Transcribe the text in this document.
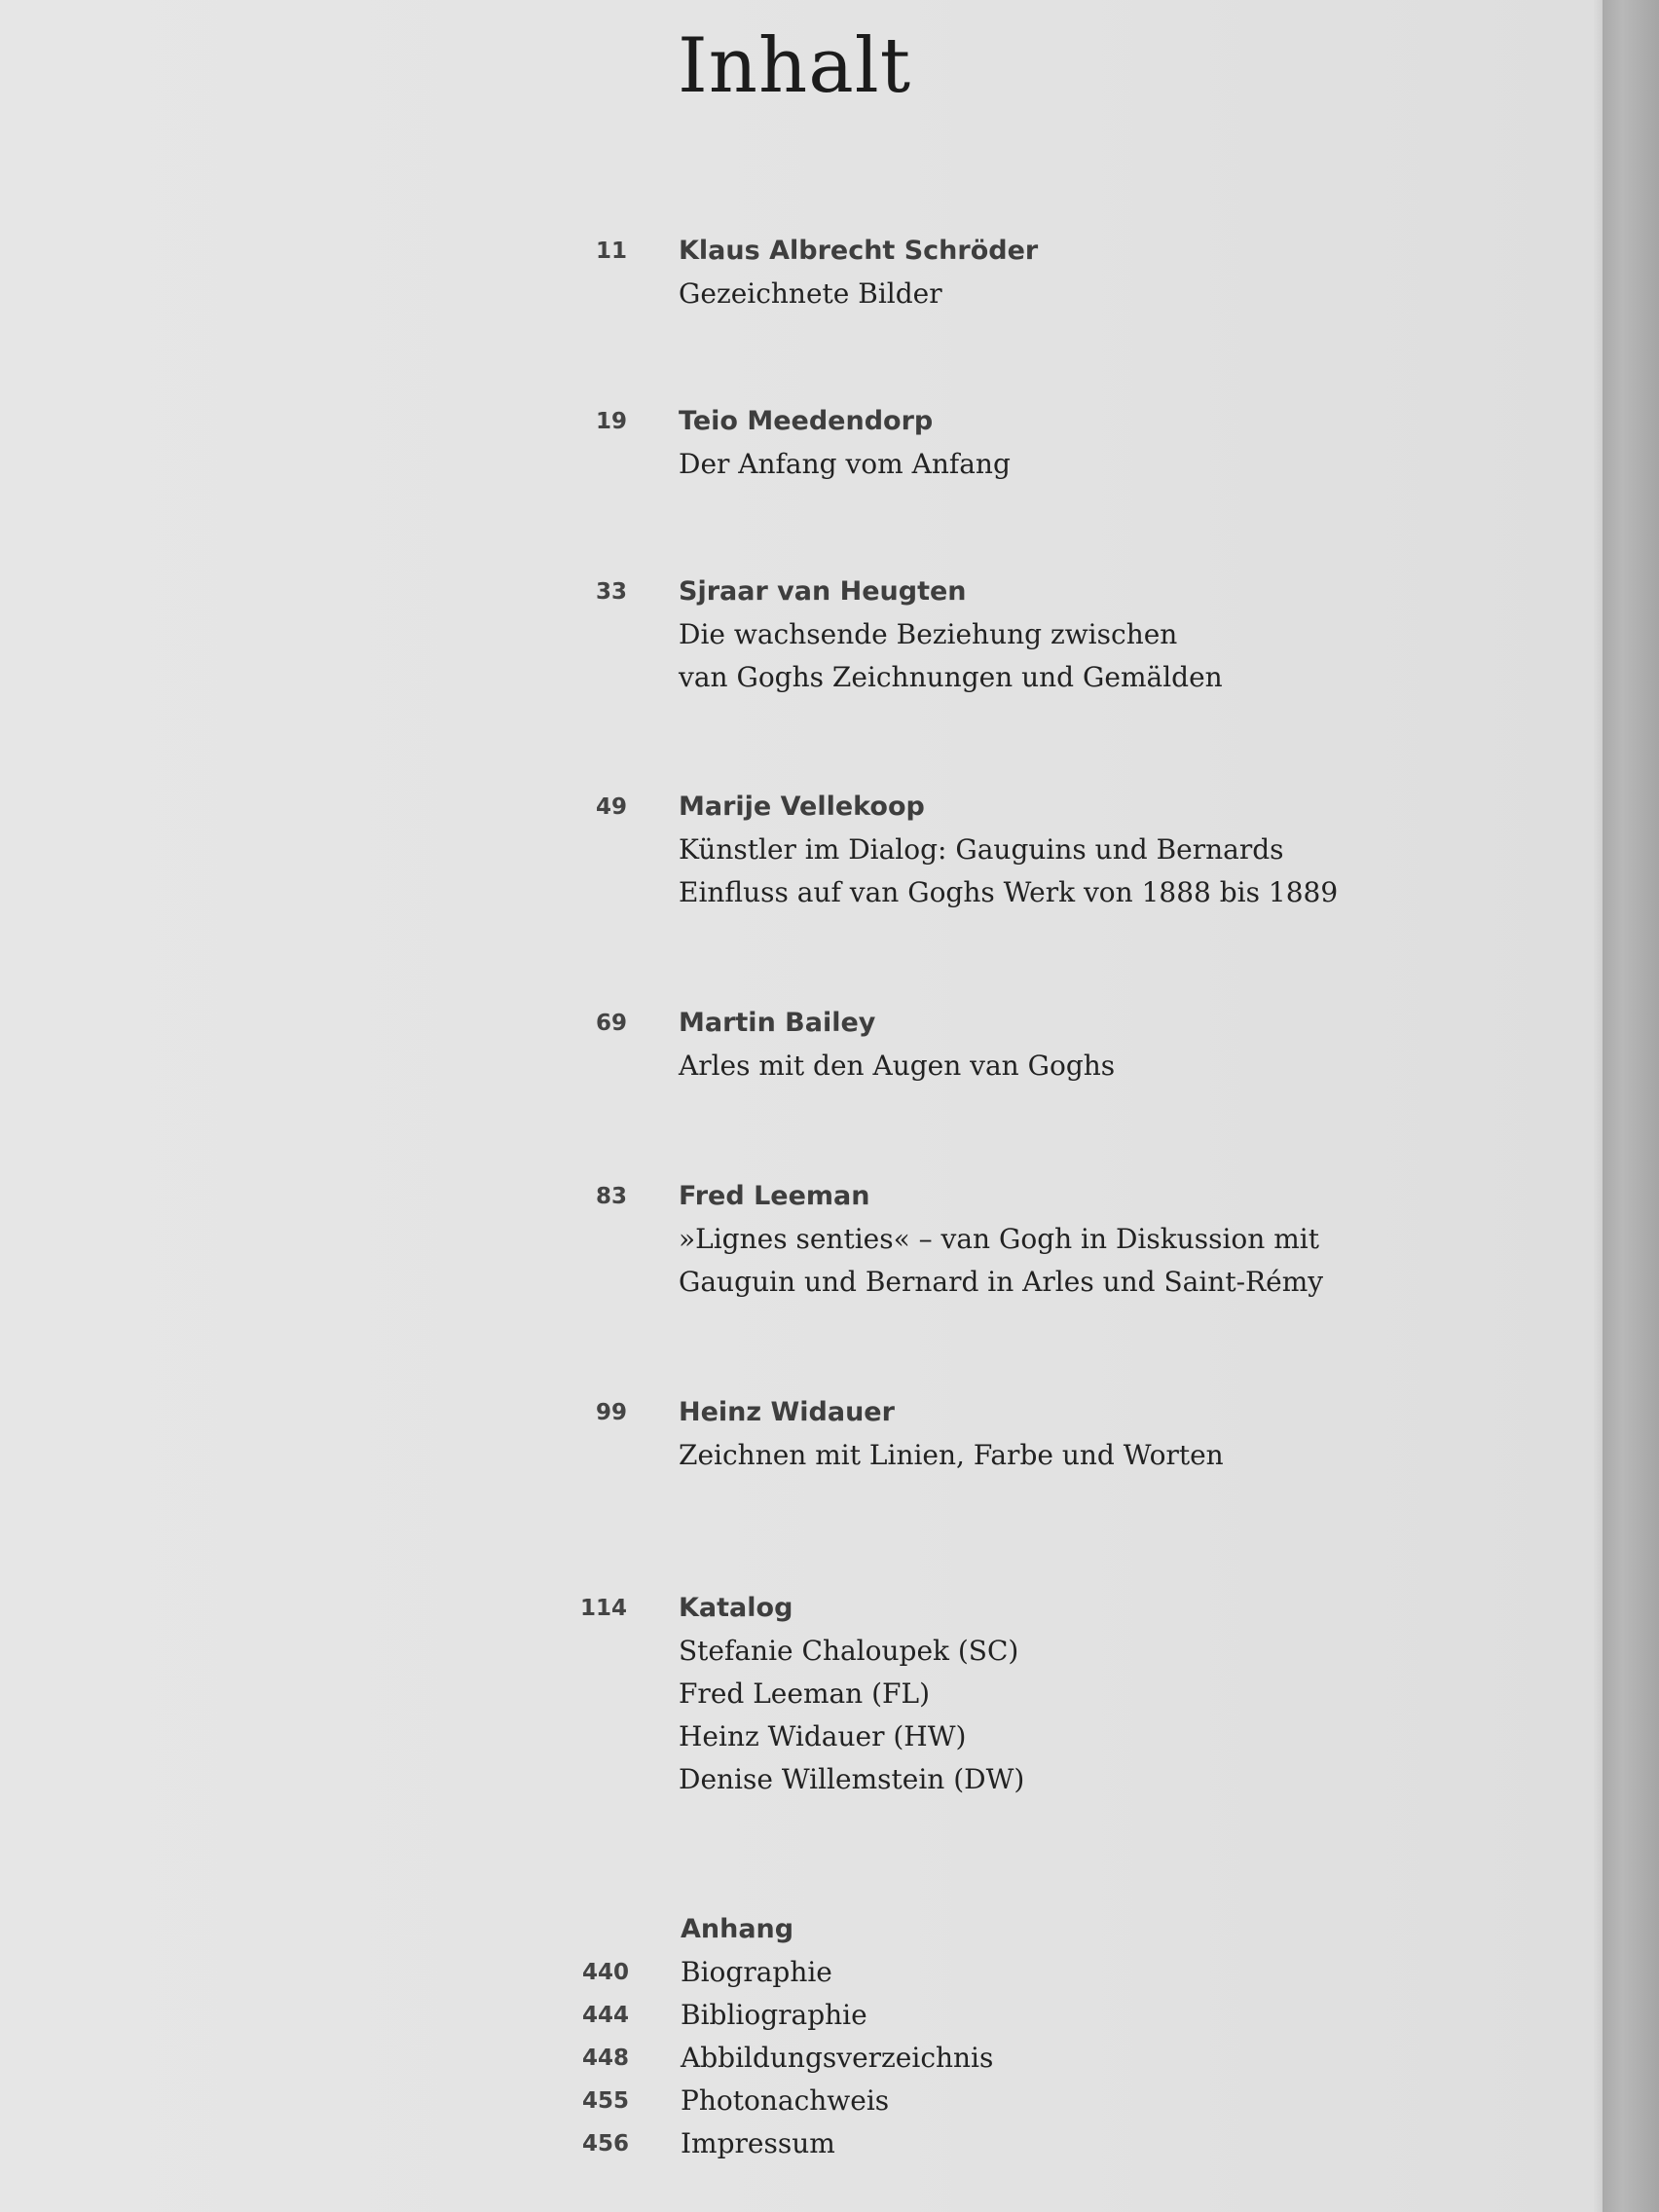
Inhalt

11 Klaus Albrecht Schröder

Gezeichnete Bilder

19 Teio Meedendorp

Der Anfang vom Anfang

33 Sjraar van Heugten

Die wachsende Beziehung zwischen
van Goghs Zeichnungen und Gemälden

49 Marije Vellekoop

Künstler im Dialog: Gauguins und Bernards
Einfluss auf van Goghs Werk von 1888 bis 1889

69 Martin Bailey

Arles mit den Augen van Goghs

83 Fred Leeman

»Lignes senties« – van Gogh in Diskussion mit
Gauguin und Bernard in Arles und Saint-Rémy

99 Heinz Widauer

Zeichnen mit Linien, Farbe und Worten

114 Katalog

Stefanie Chaloupek (SC)
Fred Leeman (FL)
Heinz Widauer (HW)
Denise Willemstein (DW)

Anhang

440 Biographie

444 Bibliographie

448 Abbildungsverzeichnis

455 Photonachweis

456 Impressum
